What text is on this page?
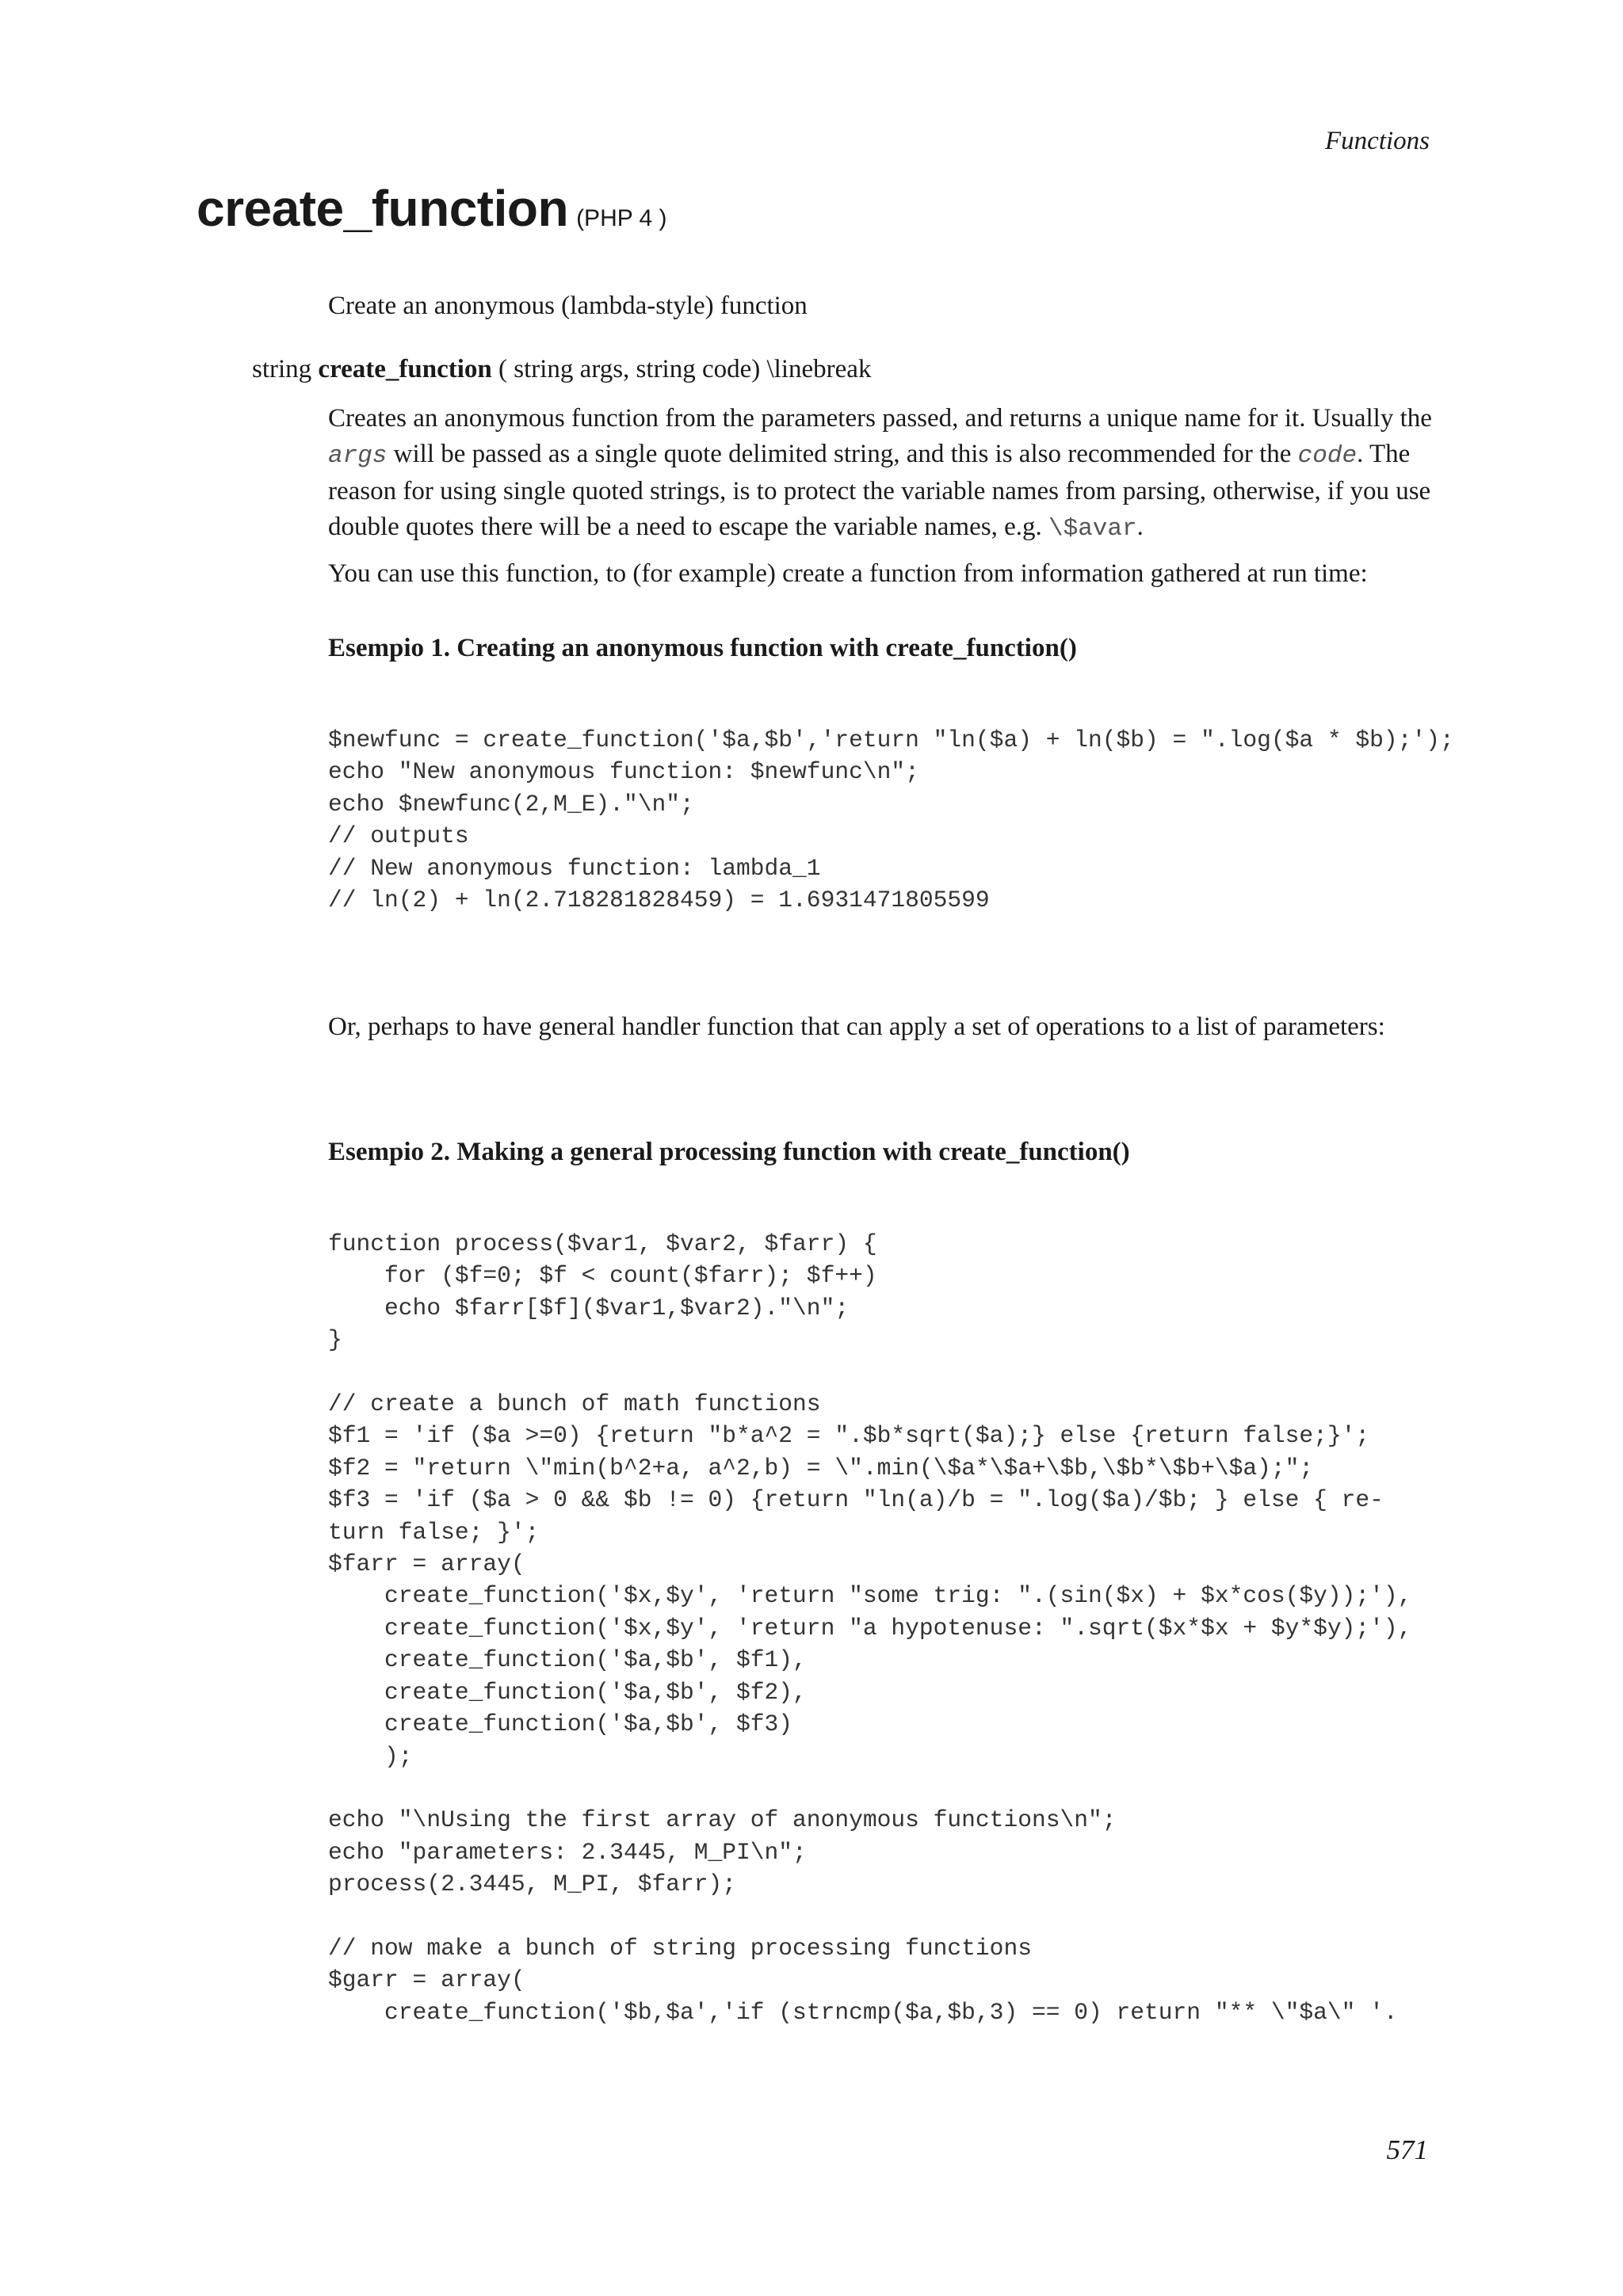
Functions
create_function (PHP 4 )
Create an anonymous (lambda-style) function
string create_function ( string args, string code) \linebreak
Creates an anonymous function from the parameters passed, and returns a unique name for it. Usually the args will be passed as a single quote delimited string, and this is also recommended for the code. The reason for using single quoted strings, is to protect the variable names from parsing, otherwise, if you use double quotes there will be a need to escape the variable names, e.g. \$avar.
You can use this function, to (for example) create a function from information gathered at run time:
Esempio 1. Creating an anonymous function with create_function()
$newfunc = create_function('$a,$b','return "ln($a) + ln($b) = ".log($a * $b);');
echo "New anonymous function: $newfunc\n";
echo $newfunc(2,M_E)."\n";
// outputs
// New anonymous function: lambda_1
// ln(2) + ln(2.718281828459) = 1.6931471805599
Or, perhaps to have general handler function that can apply a set of operations to a list of parameters:
Esempio 2. Making a general processing function with create_function()
function process($var1, $var2, $farr) {
for ($f=0; $f < count($farr); $f++)
echo $farr[$f]($var1,$var2)."\n";
}

// create a bunch of math functions
$f1 = 'if ($a >=0) {return "b*a^2 = ".$b*sqrt($a);} else {return false;}';
$f2 = "return \"min(b^2+a, a^2,b) = \".min(\$a*\$a+\$b,\$b*\$b+\$a);";
$f3 = 'if ($a > 0 && $b != 0) {return "ln(a)/b = ".log($a)/$b; } else { re-
turn false; }';
$farr = array(
create_function('$x,$y', 'return "some trig: ".(sin($x) + $x*cos($y));'),
create_function('$x,$y', 'return "a hypotenuse: ".sqrt($x*$x + $y*$y);'),
create_function('$a,$b', $f1),
create_function('$a,$b', $f2),
create_function('$a,$b', $f3)
);

echo "\nUsing the first array of anonymous functions\n";
echo "parameters: 2.3445, M_PI\n";
process(2.3445, M_PI, $farr);

// now make a bunch of string processing functions
$garr = array(
create_function('$b,$a','if (strncmp($a,$b,3) == 0) return "** \"$a\" '.
571
